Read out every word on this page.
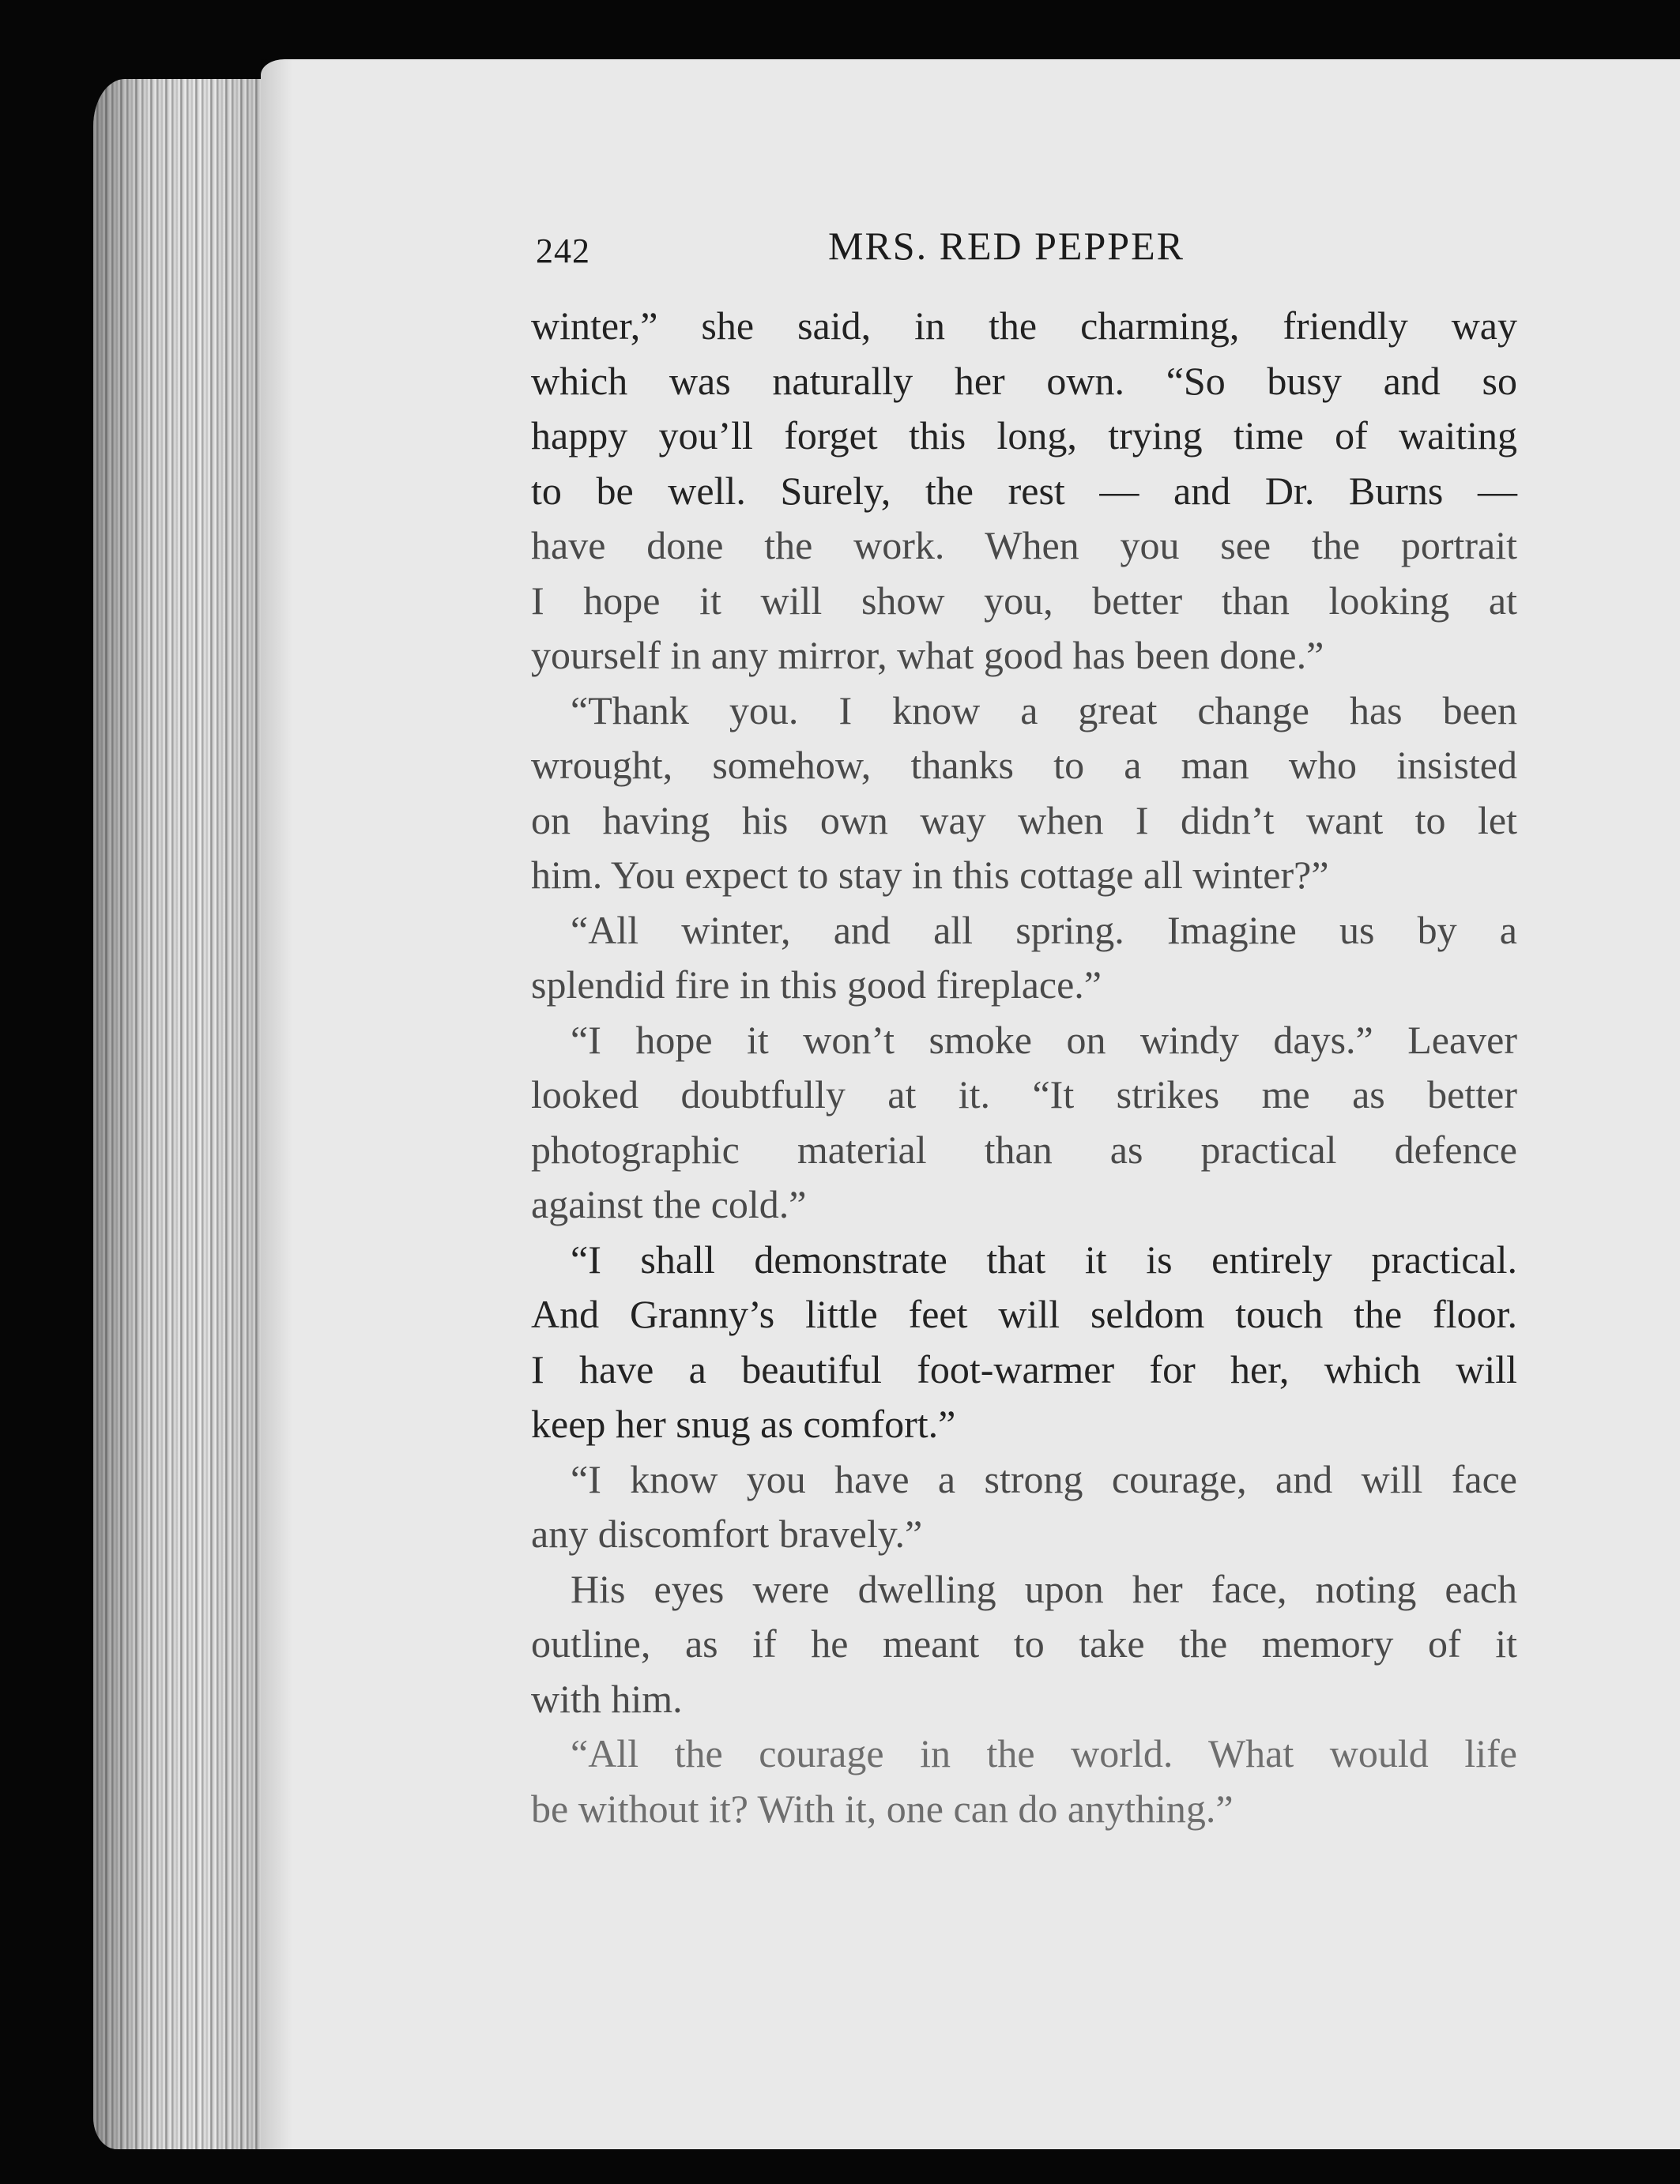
242	MRS. RED PEPPER
winter,” she said, in the charming, friendly way
which was naturally her own. “So busy and so
happy you’ll forget this long, trying time of waiting
to be well. Surely, the rest — and Dr. Burns —
have done the work. When you see the portrait
I hope it will show you, better than looking at
yourself in any mirror, what good has been done.”
“Thank you. I know a great change has been
wrought, somehow, thanks to a man who insisted
on having his own way when I didn’t want to let
him. You expect to stay in this cottage all winter?”
“All winter, and all spring. Imagine us by a
splendid fire in this good fireplace.”
“I hope it won’t smoke on windy days.” Leaver
looked doubtfully at it. “It strikes me as better
photographic material than as practical defence
against the cold.”
“I shall demonstrate that it is entirely practical.
And Granny’s little feet will seldom touch the floor.
I have a beautiful foot-warmer for her, which will
keep her snug as comfort.”
“I know you have a strong courage, and will face
any discomfort bravely.”
His eyes were dwelling upon her face, noting each
outline, as if he meant to take the memory of it
with him.
“All the courage in the world. What would life
be without it? With it, one can do anything.”
